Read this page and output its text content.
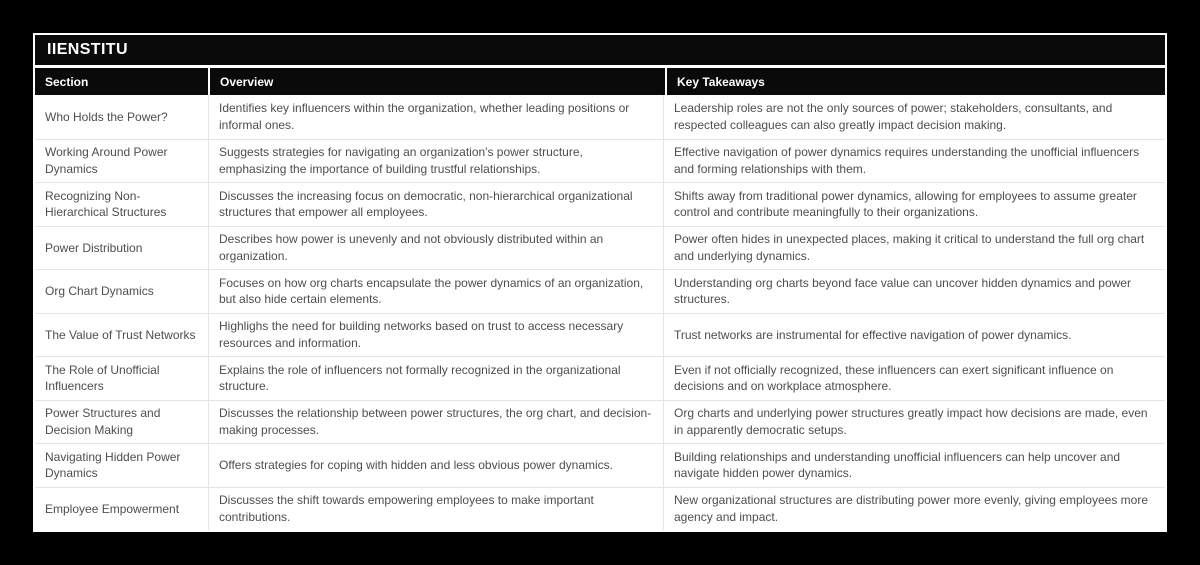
IIENSTITU
Section	Overview	Key Takeaways
Who Holds the Power?
Identifies key influencers within the organization, whether leading positions or informal ones.
Leadership roles are not the only sources of power; stakeholders, consultants, and respected colleagues can also greatly impact decision making.
Working Around Power Dynamics
Suggests strategies for navigating an organization's power structure, emphasizing the importance of building trustful relationships.
Effective navigation of power dynamics requires understanding the unofficial influencers and forming relationships with them.
Recognizing Non-Hierarchical Structures
Discusses the increasing focus on democratic, non-hierarchical organizational structures that empower all employees.
Shifts away from traditional power dynamics, allowing for employees to assume greater control and contribute meaningfully to their organizations.
Power Distribution
Describes how power is unevenly and not obviously distributed within an organization.
Power often hides in unexpected places, making it critical to understand the full org chart and underlying dynamics.
Org Chart Dynamics
Focuses on how org charts encapsulate the power dynamics of an organization, but also hide certain elements.
Understanding org charts beyond face value can uncover hidden dynamics and power structures.
The Value of Trust Networks
Highlighs the need for building networks based on trust to access necessary resources and information.
Trust networks are instrumental for effective navigation of power dynamics.
The Role of Unofficial Influencers
Explains the role of influencers not formally recognized in the organizational structure.
Even if not officially recognized, these influencers can exert significant influence on decisions and on workplace atmosphere.
Power Structures and Decision Making
Discusses the relationship between power structures, the org chart, and decision-making processes.
Org charts and underlying power structures greatly impact how decisions are made, even in apparently democratic setups.
Navigating Hidden Power Dynamics
Offers strategies for coping with hidden and less obvious power dynamics.
Building relationships and understanding unofficial influencers can help uncover and navigate hidden power dynamics.
Employee Empowerment
Discusses the shift towards empowering employees to make important contributions.
New organizational structures are distributing power more evenly, giving employees more agency and impact.
